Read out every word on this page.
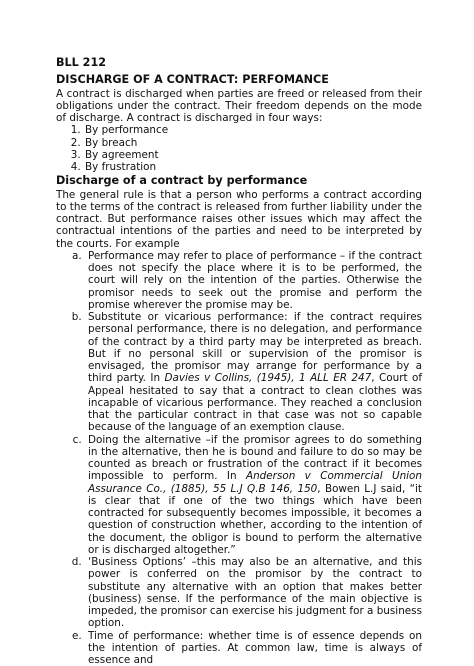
BLL 212

DISCHARGE OF A CONTRACT: PERFOMANCE

A contract is discharged when parties are freed or released from their obligations under the contract. Their freedom depends on the mode of discharge. A contract is discharged in four ways:

1. By performance
2. By breach
3. By agreement
4. By frustration

Discharge of a contract by performance

The general rule is that a person who performs a contract according to the terms of the contract is released from further liability under the contract. But performance raises other issues which may affect the contractual intentions of the parties and need to be interpreted by the courts. For example

a. Performance may refer to place of performance – if the contract does not specify the place where it is to be performed, the court will rely on the intention of the parties. Otherwise the promisor needs to seek out the promise and perform the promise wherever the promise may be.
b. Substitute or vicarious performance: if the contract requires personal performance, there is no delegation, and performance of the contract by a third party may be interpreted as breach. But if no personal skill or supervision of the promisor is envisaged, the promisor may arrange for performance by a third party. In Davies v Collins, (1945), 1 ALL ER 247, Court of Appeal hesitated to say that a contract to clean clothes was incapable of vicarious performance. They reached a conclusion that the particular contract in that case was not so capable because of the language of an exemption clause.
c. Doing the alternative –if the promisor agrees to do something in the alternative, then he is bound and failure to do so may be counted as breach or frustration of the contract if it becomes impossible to perform. In Anderson v Commercial Union Assurance Co., (1885), 55 L.J Q.B 146, 150, Bowen L.J said, “it is clear that if one of the two things which have been contracted for subsequently becomes impossible, it becomes a question of construction whether, according to the intention of the document, the obligor is bound to perform the alternative or is discharged altogether.”
d. ‘Business Options’ –this may also be an alternative, and this power is conferred on the promisor by the contract to substitute any alternative with an option that makes better (business) sense. If the performance of the main objective is impeded, the promisor can exercise his judgment for a business option.
e. Time of performance: whether time is of essence depends on the intention of parties. At common law, time is always of essence and
